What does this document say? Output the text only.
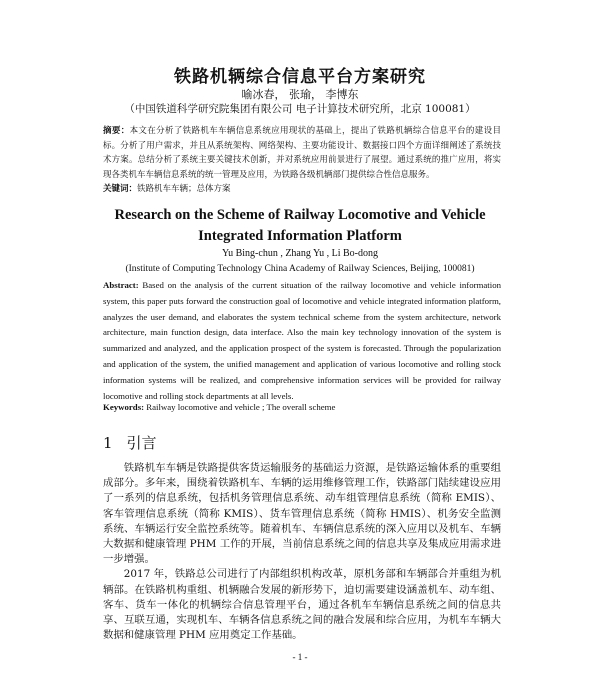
铁路机辆综合信息平台方案研究
喻冰春， 张瑜， 李博东
（中国铁道科学研究院集团有限公司 电子计算技术研究所，北京 100081）
摘要：本文在分析了铁路机车车辆信息系统应用现状的基础上，提出了铁路机辆综合信息平台的建设目标。分析了用户需求，并且从系统架构、网络架构、主要功能设计、数据接口四个方面详细阐述了系统技术方案。总结分析了系统主要关键技术创新，并对系统应用前景进行了展望。通过系统的推广应用，将实现各类机车车辆信息系统的统一管理及应用，为铁路各级机辆部门提供综合性信息服务。
关键词：铁路机车车辆；总体方案
Research on the Scheme of Railway Locomotive and Vehicle
Integrated Information Platform
Yu Bing-chun , Zhang Yu , Li Bo-dong
(Institute of Computing Technology China Academy of Railway Sciences, Beijing, 100081)
Abstract: Based on the analysis of the current situation of the railway locomotive and vehicle information system, this paper puts forward the construction goal of locomotive and vehicle integrated information platform, analyzes the user demand, and elaborates the system technical scheme from the system architecture, network architecture, main function design, data interface. Also the main key technology innovation of the system is summarized and analyzed, and the application prospect of the system is forecasted. Through the popularization and application of the system, the unified management and application of various locomotive and rolling stock information systems will be realized, and comprehensive information services will be provided for railway locomotive and rolling stock departments at all levels.
Keywords: Railway locomotive and vehicle ; The overall scheme
1 引言

铁路机车车辆是铁路提供客货运输服务的基础运力资源，是铁路运输体系的重要组成部分。多年来，围绕着铁路机车、车辆的运用维修管理工作，铁路部门陆续建设应用了一系列的信息系统，包括机务管理信息系统、动车组管理信息系统（简称 EMIS）、客车管理信息系统（简称 KMIS）、货车管理信息系统（简称 HMIS）、机务安全监测系统、车辆运行安全监控系统等。随着机车、车辆信息系统的深入应用以及机车、车辆大数据和健康管理 PHM 工作的开展，当前信息系统之间的信息共享及集成应用需求进一步增强。

2017 年，铁路总公司进行了内部组织机构改革，原机务部和车辆部合并重组为机辆部。在铁路机构重组、机辆融合发展的新形势下，迫切需要建设涵盖机车、动车组、客车、货车一体化的机辆综合信息管理平台，通过各机车车辆信息系统之间的信息共享、互联互通，实现机车、车辆各信息系统之间的融合发展和综合应用，为机车车辆大数据和健康管理 PHM 应用奠定工作基础。

- 1 -
